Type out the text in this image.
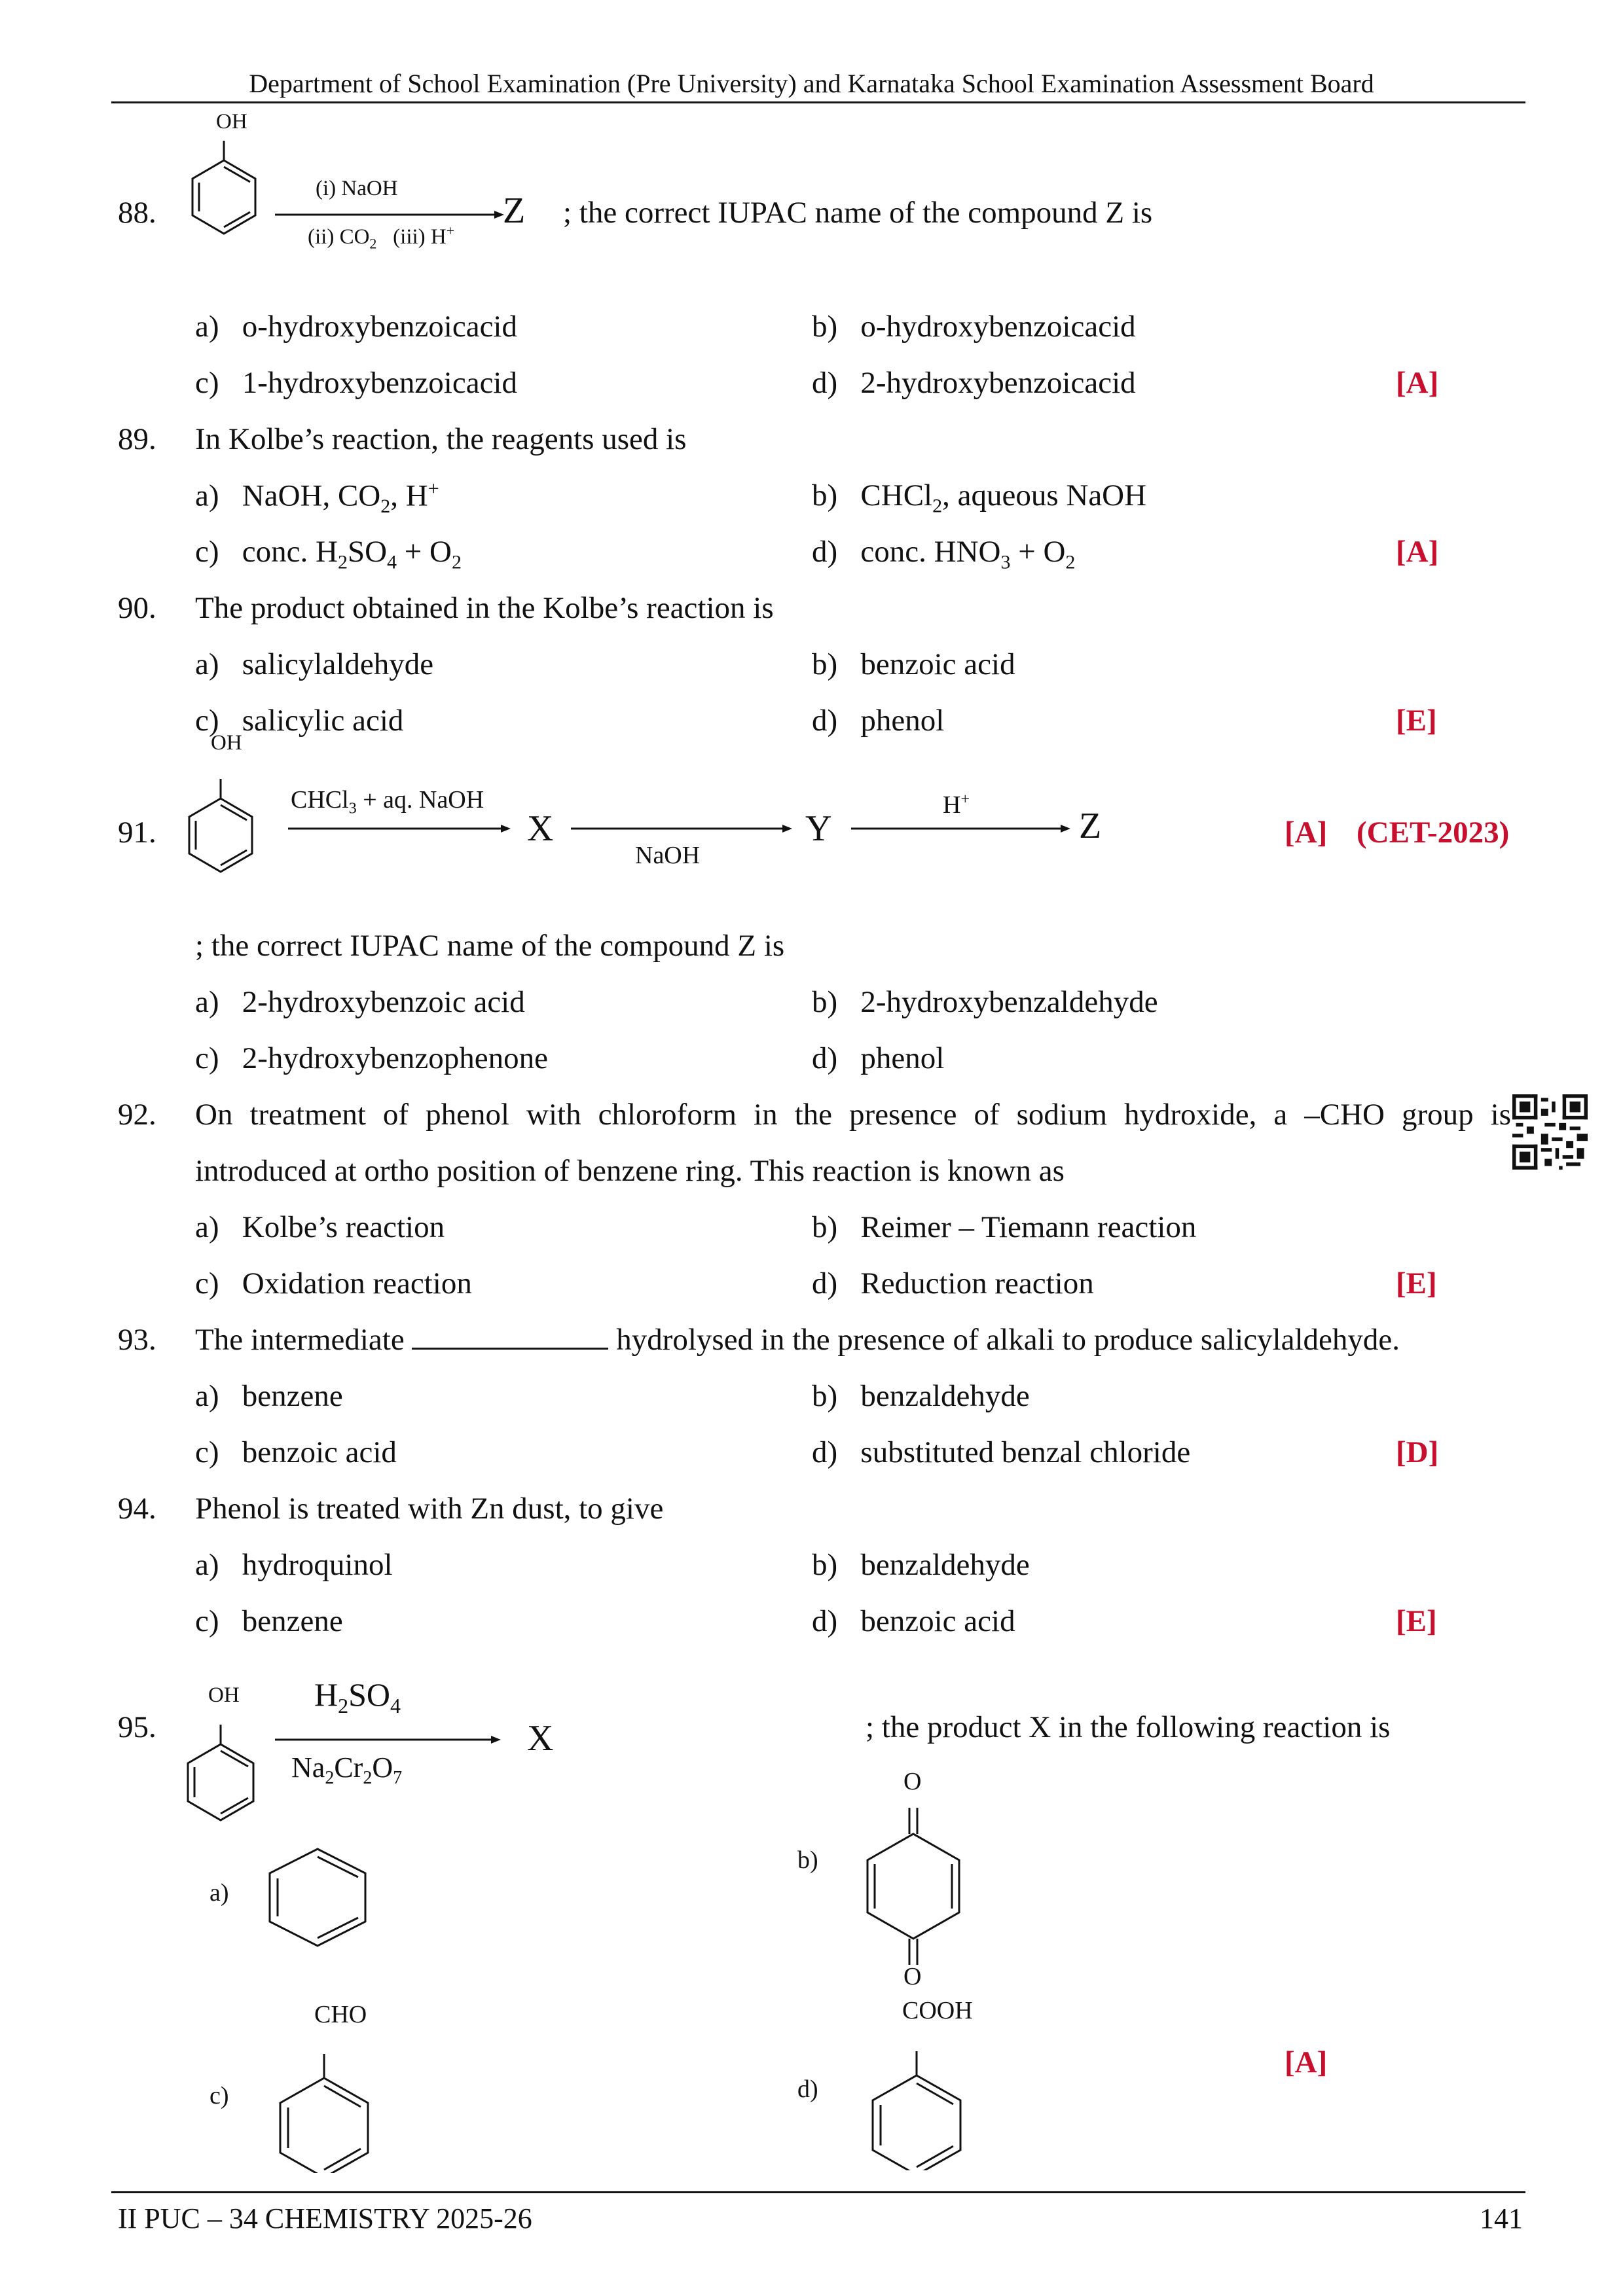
Department of School Examination (Pre University) and Karnataka School Examination Assessment Board
88.
OH
(i) NaOH
(ii) $CO_2$ (iii) H+ Z ; the correct IUPAC name of the compound Z is
a) o-hydroxybenzoicacid	b) o-hydroxybenzoicacid
c) 1-hydroxybenzoicacid	d) 2-hydroxybenzoicacid	[A]
89. In Kolbe’s reaction, the reagents used is
a) NaOH, $CO_2$, H+	b) CHCl$_2$, aqueous NaOH
c) conc. $H_2SO_4 + O_2$	d) conc. $HNO_3 + O_2$	[A]
90. The product obtained in the Kolbe’s reaction is
a) salicylaldehyde	b) benzoic acid
c) salicylic acid	d) phenol	[E]
91.
OH
CHCl$_3$ + aq. NaOH
X
NaOH
Y
H+
Z	[A] (CET-2023)
; the correct IUPAC name of the compound Z is
a) 2-hydroxybenzoic acid	b) 2-hydroxybenzaldehyde
c) 2-hydroxybenzophenone	d) phenol
92. On treatment of phenol with chloroform in the presence of sodium hydroxide, a –CHO group is
introduced at ortho position of benzene ring. This reaction is known as
a) Kolbe’s reaction	b) Reimer – Tiemann reaction
c) Oxidation reaction	d) Reduction reaction	[E]
93. The intermediate	hydrolysed in the presence of alkali to produce salicylaldehyde.
a) benzene	b) benzaldehyde
c) benzoic acid	d) substituted benzal chloride	[D]
94. Phenol is treated with Zn dust, to give
a) hydroquinol	b) benzaldehyde
c) benzene	d) benzoic acid	[E]
95.
OH $H_2SO_4$
$Na_2Cr_2O_7$
X	; the product X in the following reaction is
a)
b)
O
O
c)
CHO
d)
COOH
[A]
II PUC – 34 CHEMISTRY 2025-26	141
